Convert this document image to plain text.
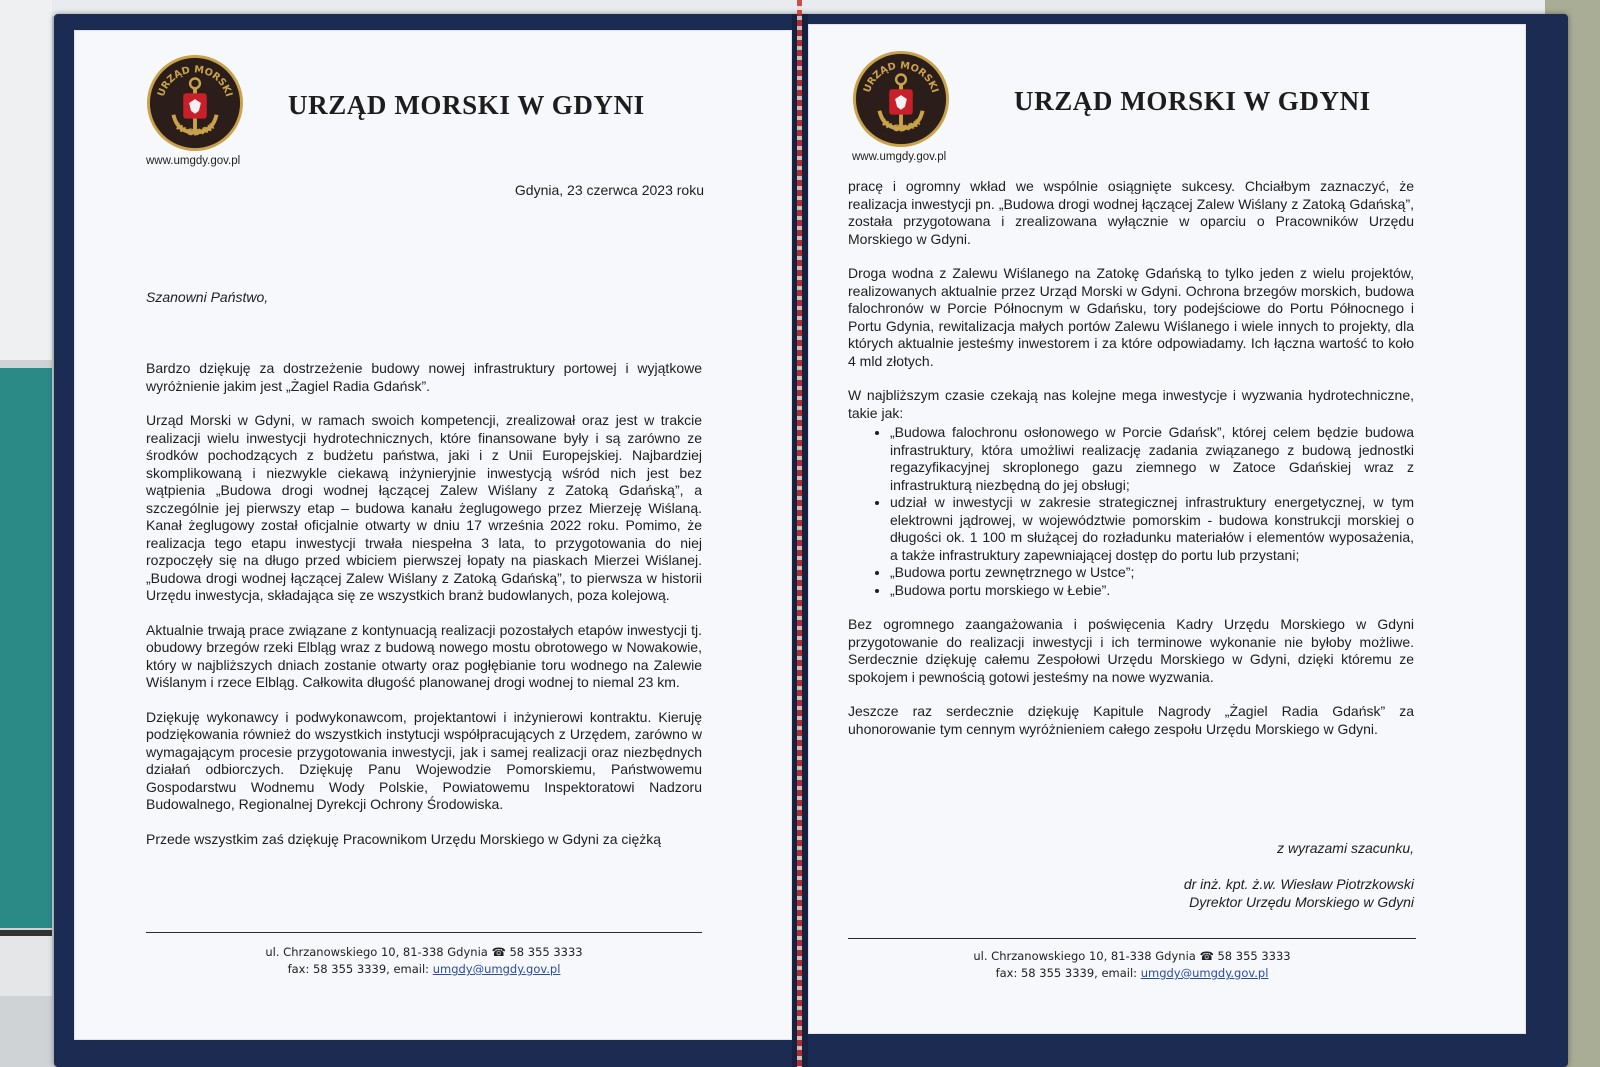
URZĄD MORSKI
W GDYNI
www.umgdy.gov.pl
URZĄD MORSKI W GDYNI
Gdynia, 23 czerwca 2023 roku
Szanowni Państwo,

Bardzo dziękuję za dostrzeżenie budowy nowej infrastruktury portowej i wyjątkowe wyróżnienie jakim jest „Żagiel Radia Gdańsk”.

Urząd Morski w Gdyni, w ramach swoich kompetencji, zrealizował oraz jest w trakcie realizacji wielu inwestycji hydrotechnicznych, które finansowane były i są zarówno ze środków pochodzących z budżetu państwa, jaki i z Unii Europejskiej. Najbardziej skomplikowaną i niezwykle ciekawą inżynieryjnie inwestycją wśród nich jest bez wątpienia „Budowa drogi wodnej łączącej Zalew Wiślany z Zatoką Gdańską”, a szczególnie jej pierwszy etap – budowa kanału żeglugowego przez Mierzeję Wiślaną. Kanał żeglugowy został oficjalnie otwarty w dniu 17 września 2022 roku. Pomimo, że realizacja tego etapu inwestycji trwała niespełna 3 lata, to przygotowania do niej rozpoczęły się na długo przed wbiciem pierwszej łopaty na piaskach Mierzei Wiślanej. „Budowa drogi wodnej łączącej Zalew Wiślany z Zatoką Gdańską”, to pierwsza w historii Urzędu inwestycja, składająca się ze wszystkich branż budowlanych, poza kolejową.

Aktualnie trwają prace związane z kontynuacją realizacji pozostałych etapów inwestycji tj. obudowy brzegów rzeki Elbląg wraz z budową nowego mostu obrotowego w Nowakowie, który w najbliższych dniach zostanie otwarty oraz pogłębianie toru wodnego na Zalewie Wiślanym i rzece Elbląg. Całkowita długość planowanej drogi wodnej to niemal 23 km.

Dziękuję wykonawcy i podwykonawcom, projektantowi i inżynierowi kontraktu. Kieruję podziękowania również do wszystkich instytucji współpracujących z Urzędem, zarówno w wymagającym procesie przygotowania inwestycji, jak i samej realizacji oraz niezbędnych działań odbiorczych. Dziękuję Panu Wojewodzie Pomorskiemu, Państwowemu Gospodarstwu Wodnemu Wody Polskie, Powiatowemu Inspektoratowi Nadzoru Budowalnego, Regionalnej Dyrekcji Ochrony Środowiska.

Przede wszystkim zaś dziękuję Pracownikom Urzędu Morskiego w Gdyni za ciężką

ul. Chrzanowskiego 10, 81-338 Gdynia ☎ 58 355 3333
fax: 58 355 3339, email: umgdy@umgdy.gov.pl
URZĄD MORSKI
W GDYNI
www.umgdy.gov.pl
URZĄD MORSKI W GDYNI

pracę i ogromny wkład we wspólnie osiągnięte sukcesy. Chciałbym zaznaczyć, że realizacja inwestycji pn. „Budowa drogi wodnej łączącej Zalew Wiślany z Zatoką Gdańską”, została przygotowana i zrealizowana wyłącznie w oparciu o Pracowników Urzędu Morskiego w Gdyni.

Droga wodna z Zalewu Wiślanego na Zatokę Gdańską to tylko jeden z wielu projektów, realizowanych aktualnie przez Urząd Morski w Gdyni. Ochrona brzegów morskich, budowa falochronów w Porcie Północnym w Gdańsku, tory podejściowe do Portu Północnego i Portu Gdynia, rewitalizacja małych portów Zalewu Wiślanego i wiele innych to projekty, dla których aktualnie jesteśmy inwestorem i za które odpowiadamy. Ich łączna wartość to koło 4 mld złotych.

W najbliższym czasie czekają nas kolejne mega inwestycje i wyzwania hydrotechniczne, takie jak:

• „Budowa falochronu osłonowego w Porcie Gdańsk”, której celem będzie budowa infrastruktury, która umożliwi realizację zadania związanego z budową jednostki regazyfikacyjnej skroplonego gazu ziemnego w Zatoce Gdańskiej wraz z infrastrukturą niezbędną do jej obsługi;
• udział w inwestycji w zakresie strategicznej infrastruktury energetycznej, w tym elektrowni jądrowej, w województwie pomorskim - budowa konstrukcji morskiej o długości ok. 1 100 m służącej do rozładunku materiałów i elementów wyposażenia, a także infrastruktury zapewniającej dostęp do portu lub przystani;
• „Budowa portu zewnętrznego w Ustce”;
• „Budowa portu morskiego w Łebie”.

Bez ogromnego zaangażowania i poświęcenia Kadry Urzędu Morskiego w Gdyni przygotowanie do realizacji inwestycji i ich terminowe wykonanie nie byłoby możliwe. Serdecznie dziękuję całemu Zespołowi Urzędu Morskiego w Gdyni, dzięki któremu ze spokojem i pewnością gotowi jesteśmy na nowe wyzwania.

Jeszcze raz serdecznie dziękuję Kapitule Nagrody „Żagiel Radia Gdańsk” za uhonorowanie tym cennym wyróżnieniem całego zespołu Urzędu Morskiego w Gdyni.

z wyrazami szacunku,
dr inż. kpt. ż.w. Wiesław Piotrzkowski
Dyrektor Urzędu Morskiego w Gdyni
ul. Chrzanowskiego 10, 81-338 Gdynia ☎ 58 355 3333
fax: 58 355 3339, email: umgdy@umgdy.gov.pl
